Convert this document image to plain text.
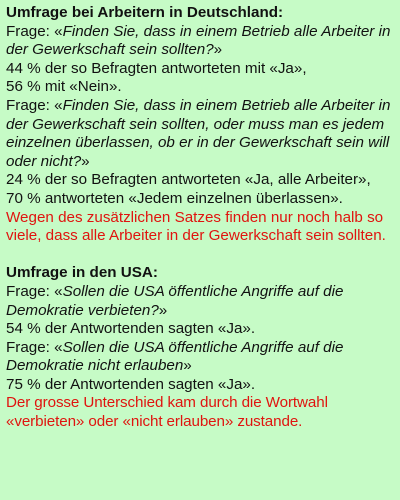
Umfrage bei Arbeitern in Deutschland:
Frage: «Finden Sie, dass in einem Betrieb alle Arbeiter in der Gewerkschaft sein sollten?»
44 % der so Befragten antworteten mit «Ja»,
56 % mit «Nein».
Frage: «Finden Sie, dass in einem Betrieb alle Arbeiter in der Gewerkschaft sein sollten, oder muss man es jedem einzelnen überlassen, ob er in der Gewerkschaft sein will oder nicht?»
24 % der so Befragten antworteten «Ja, alle Arbeiter»,
70 % antworteten «Jedem einzelnen überlassen».
Wegen des zusätzlichen Satzes finden nur noch halb so viele, dass alle Arbeiter in der Gewerkschaft sein sollten.
Umfrage in den USA:
Frage: «Sollen die USA öffentliche Angriffe auf die Demokratie verbieten?»
54 % der Antwortenden sagten «Ja».
Frage: «Sollen die USA öffentliche Angriffe auf die Demokratie nicht erlauben»
75 % der Antwortenden sagten «Ja».
Der grosse Unterschied kam durch die Wortwahl «verbieten» oder «nicht erlauben» zustande.
